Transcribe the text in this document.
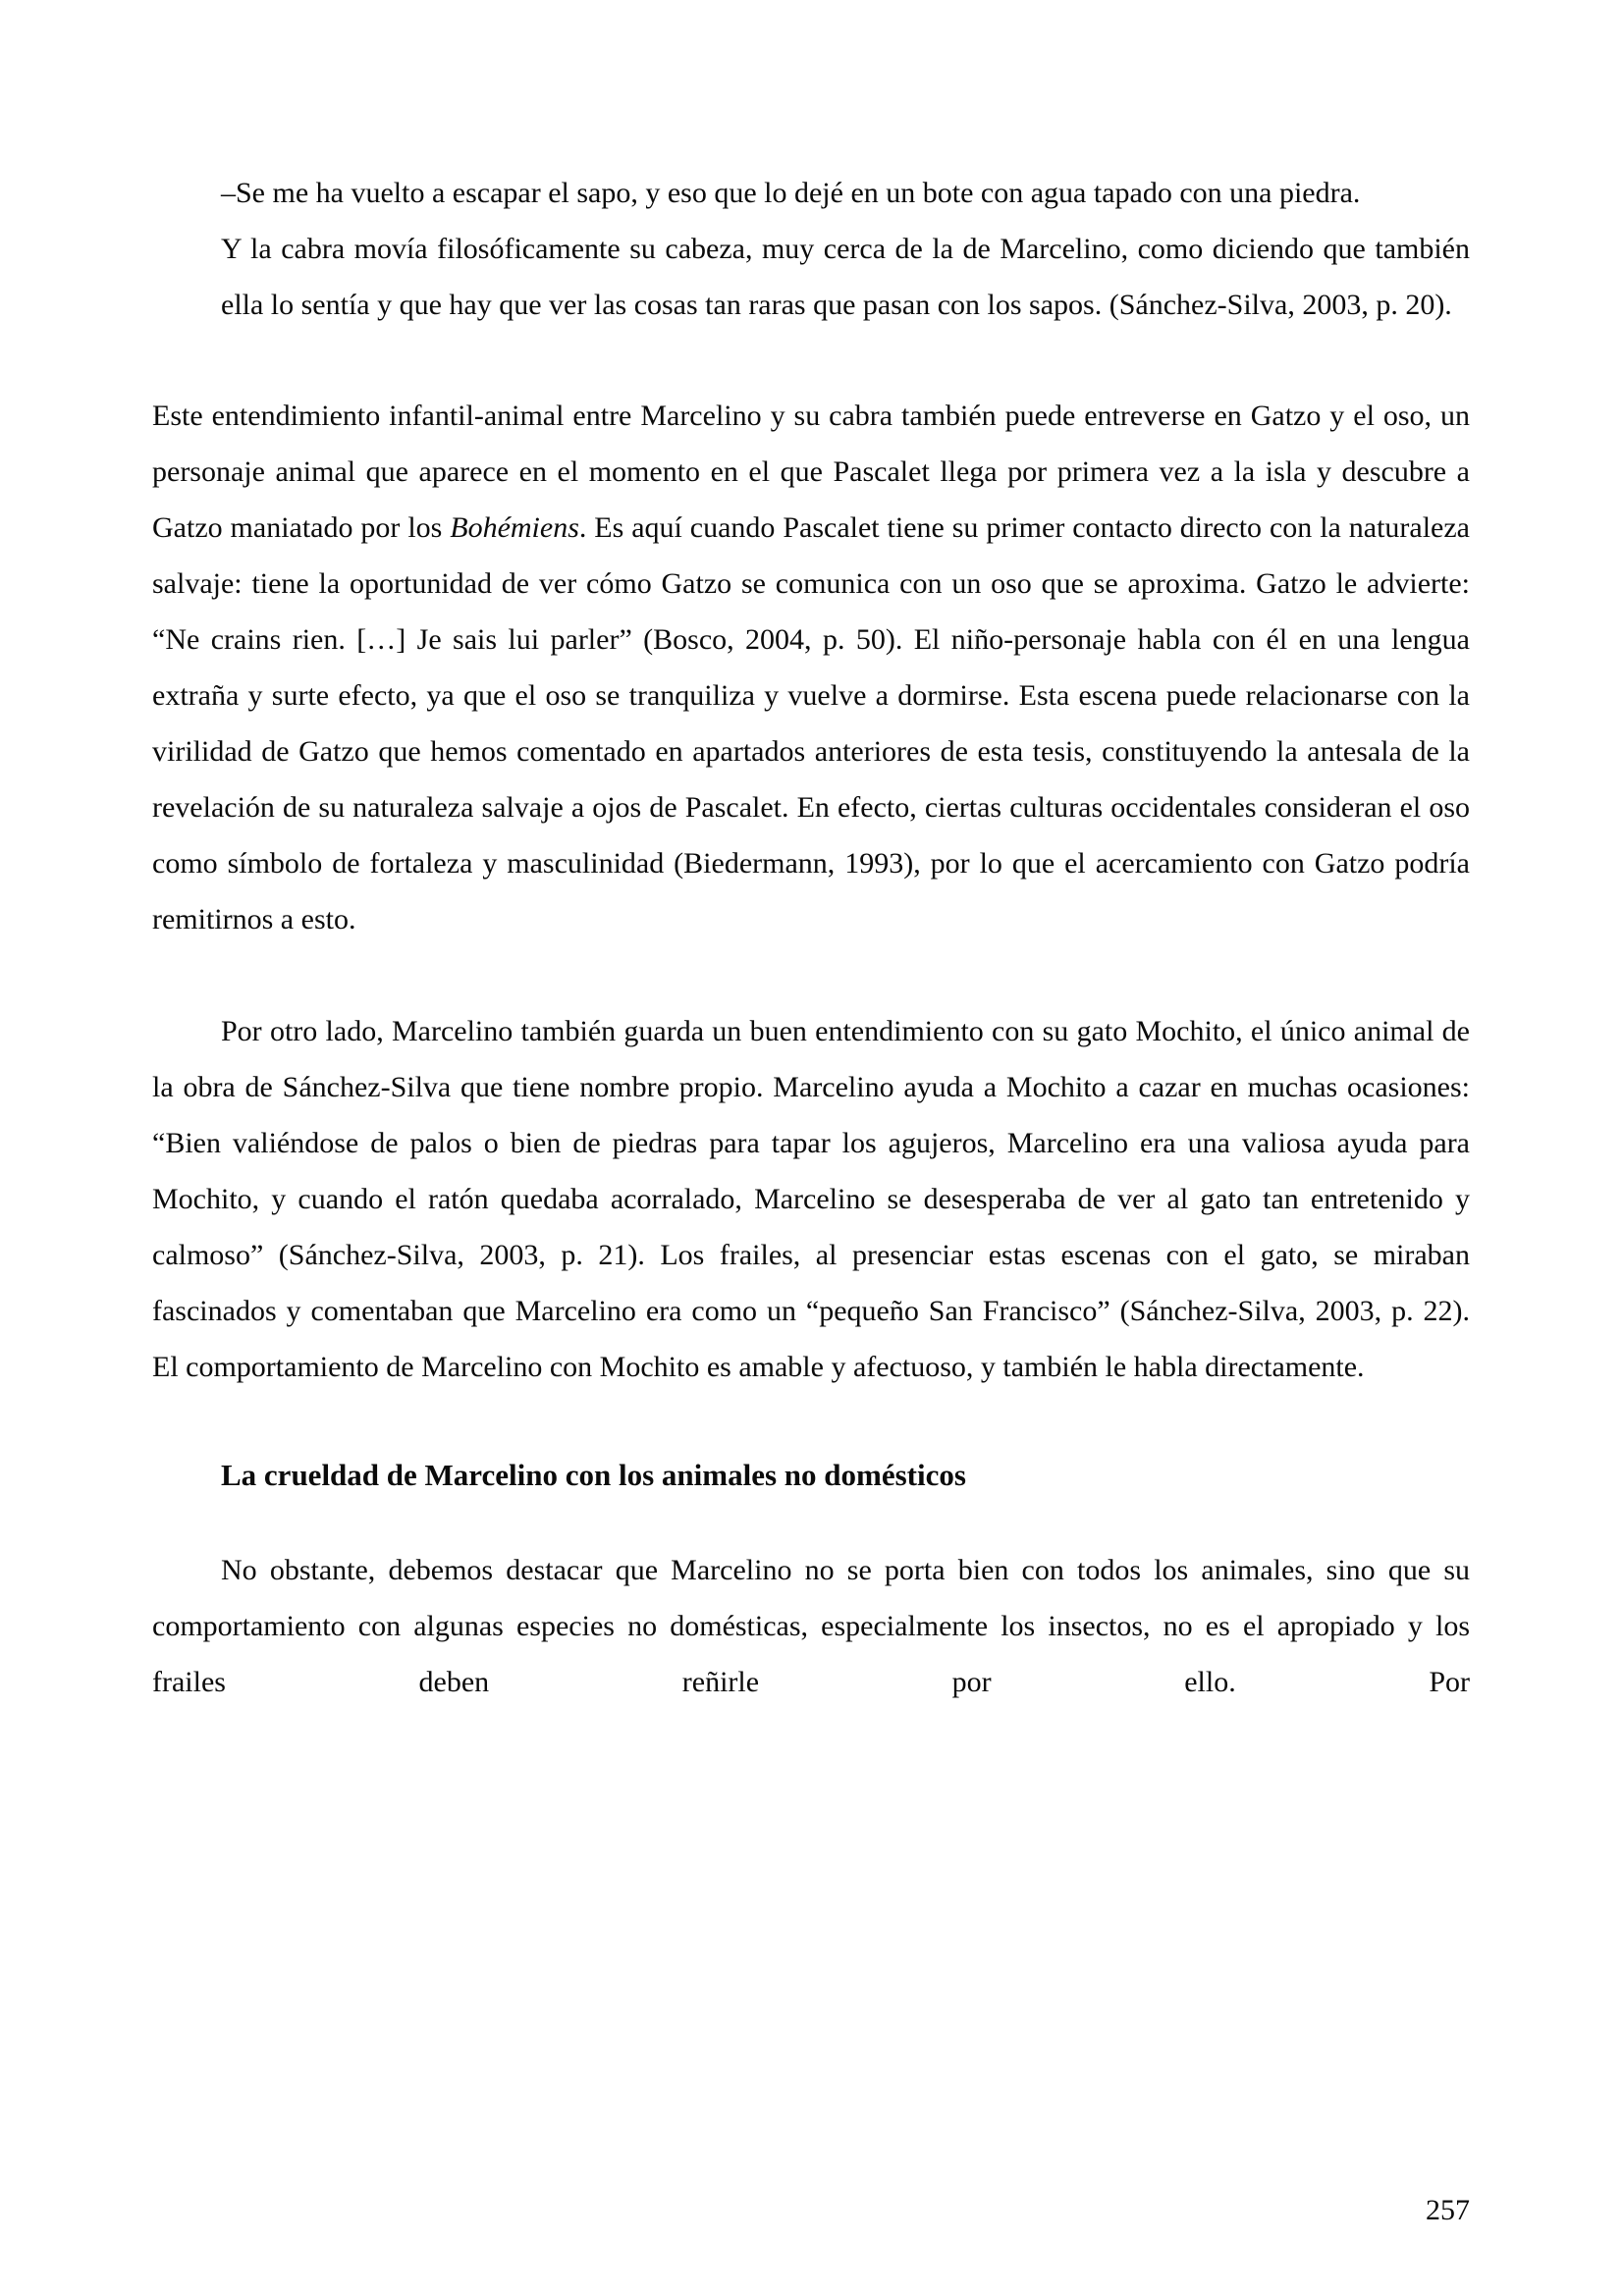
–Se me ha vuelto a escapar el sapo, y eso que lo dejé en un bote con agua tapado con una piedra.

Y la cabra movía filosóficamente su cabeza, muy cerca de la de Marcelino, como diciendo que también ella lo sentía y que hay que ver las cosas tan raras que pasan con los sapos. (Sánchez-Silva, 2003, p. 20).

Este entendimiento infantil-animal entre Marcelino y su cabra también puede entreverse en Gatzo y el oso, un personaje animal que aparece en el momento en el que Pascalet llega por primera vez a la isla y descubre a Gatzo maniatado por los Bohémiens. Es aquí cuando Pascalet tiene su primer contacto directo con la naturaleza salvaje: tiene la oportunidad de ver cómo Gatzo se comunica con un oso que se aproxima. Gatzo le advierte: “Ne crains rien. […] Je sais lui parler” (Bosco, 2004, p. 50). El niño-personaje habla con él en una lengua extraña y surte efecto, ya que el oso se tranquiliza y vuelve a dormirse. Esta escena puede relacionarse con la virilidad de Gatzo que hemos comentado en apartados anteriores de esta tesis, constituyendo la antesala de la revelación de su naturaleza salvaje a ojos de Pascalet. En efecto, ciertas culturas occidentales consideran el oso como símbolo de fortaleza y masculinidad (Biedermann, 1993), por lo que el acercamiento con Gatzo podría remitirnos a esto.

Por otro lado, Marcelino también guarda un buen entendimiento con su gato Mochito, el único animal de la obra de Sánchez-Silva que tiene nombre propio. Marcelino ayuda a Mochito a cazar en muchas ocasiones: “Bien valiéndose de palos o bien de piedras para tapar los agujeros, Marcelino era una valiosa ayuda para Mochito, y cuando el ratón quedaba acorralado, Marcelino se desesperaba de ver al gato tan entretenido y calmoso” (Sánchez-Silva, 2003, p. 21). Los frailes, al presenciar estas escenas con el gato, se miraban fascinados y comentaban que Marcelino era como un “pequeño San Francisco” (Sánchez-Silva, 2003, p. 22). El comportamiento de Marcelino con Mochito es amable y afectuoso, y también le habla directamente.

La crueldad de Marcelino con los animales no domésticos

No obstante, debemos destacar que Marcelino no se porta bien con todos los animales, sino que su comportamiento con algunas especies no domésticas, especialmente los insectos, no es el apropiado y los frailes deben reñirle por ello. Por

257
